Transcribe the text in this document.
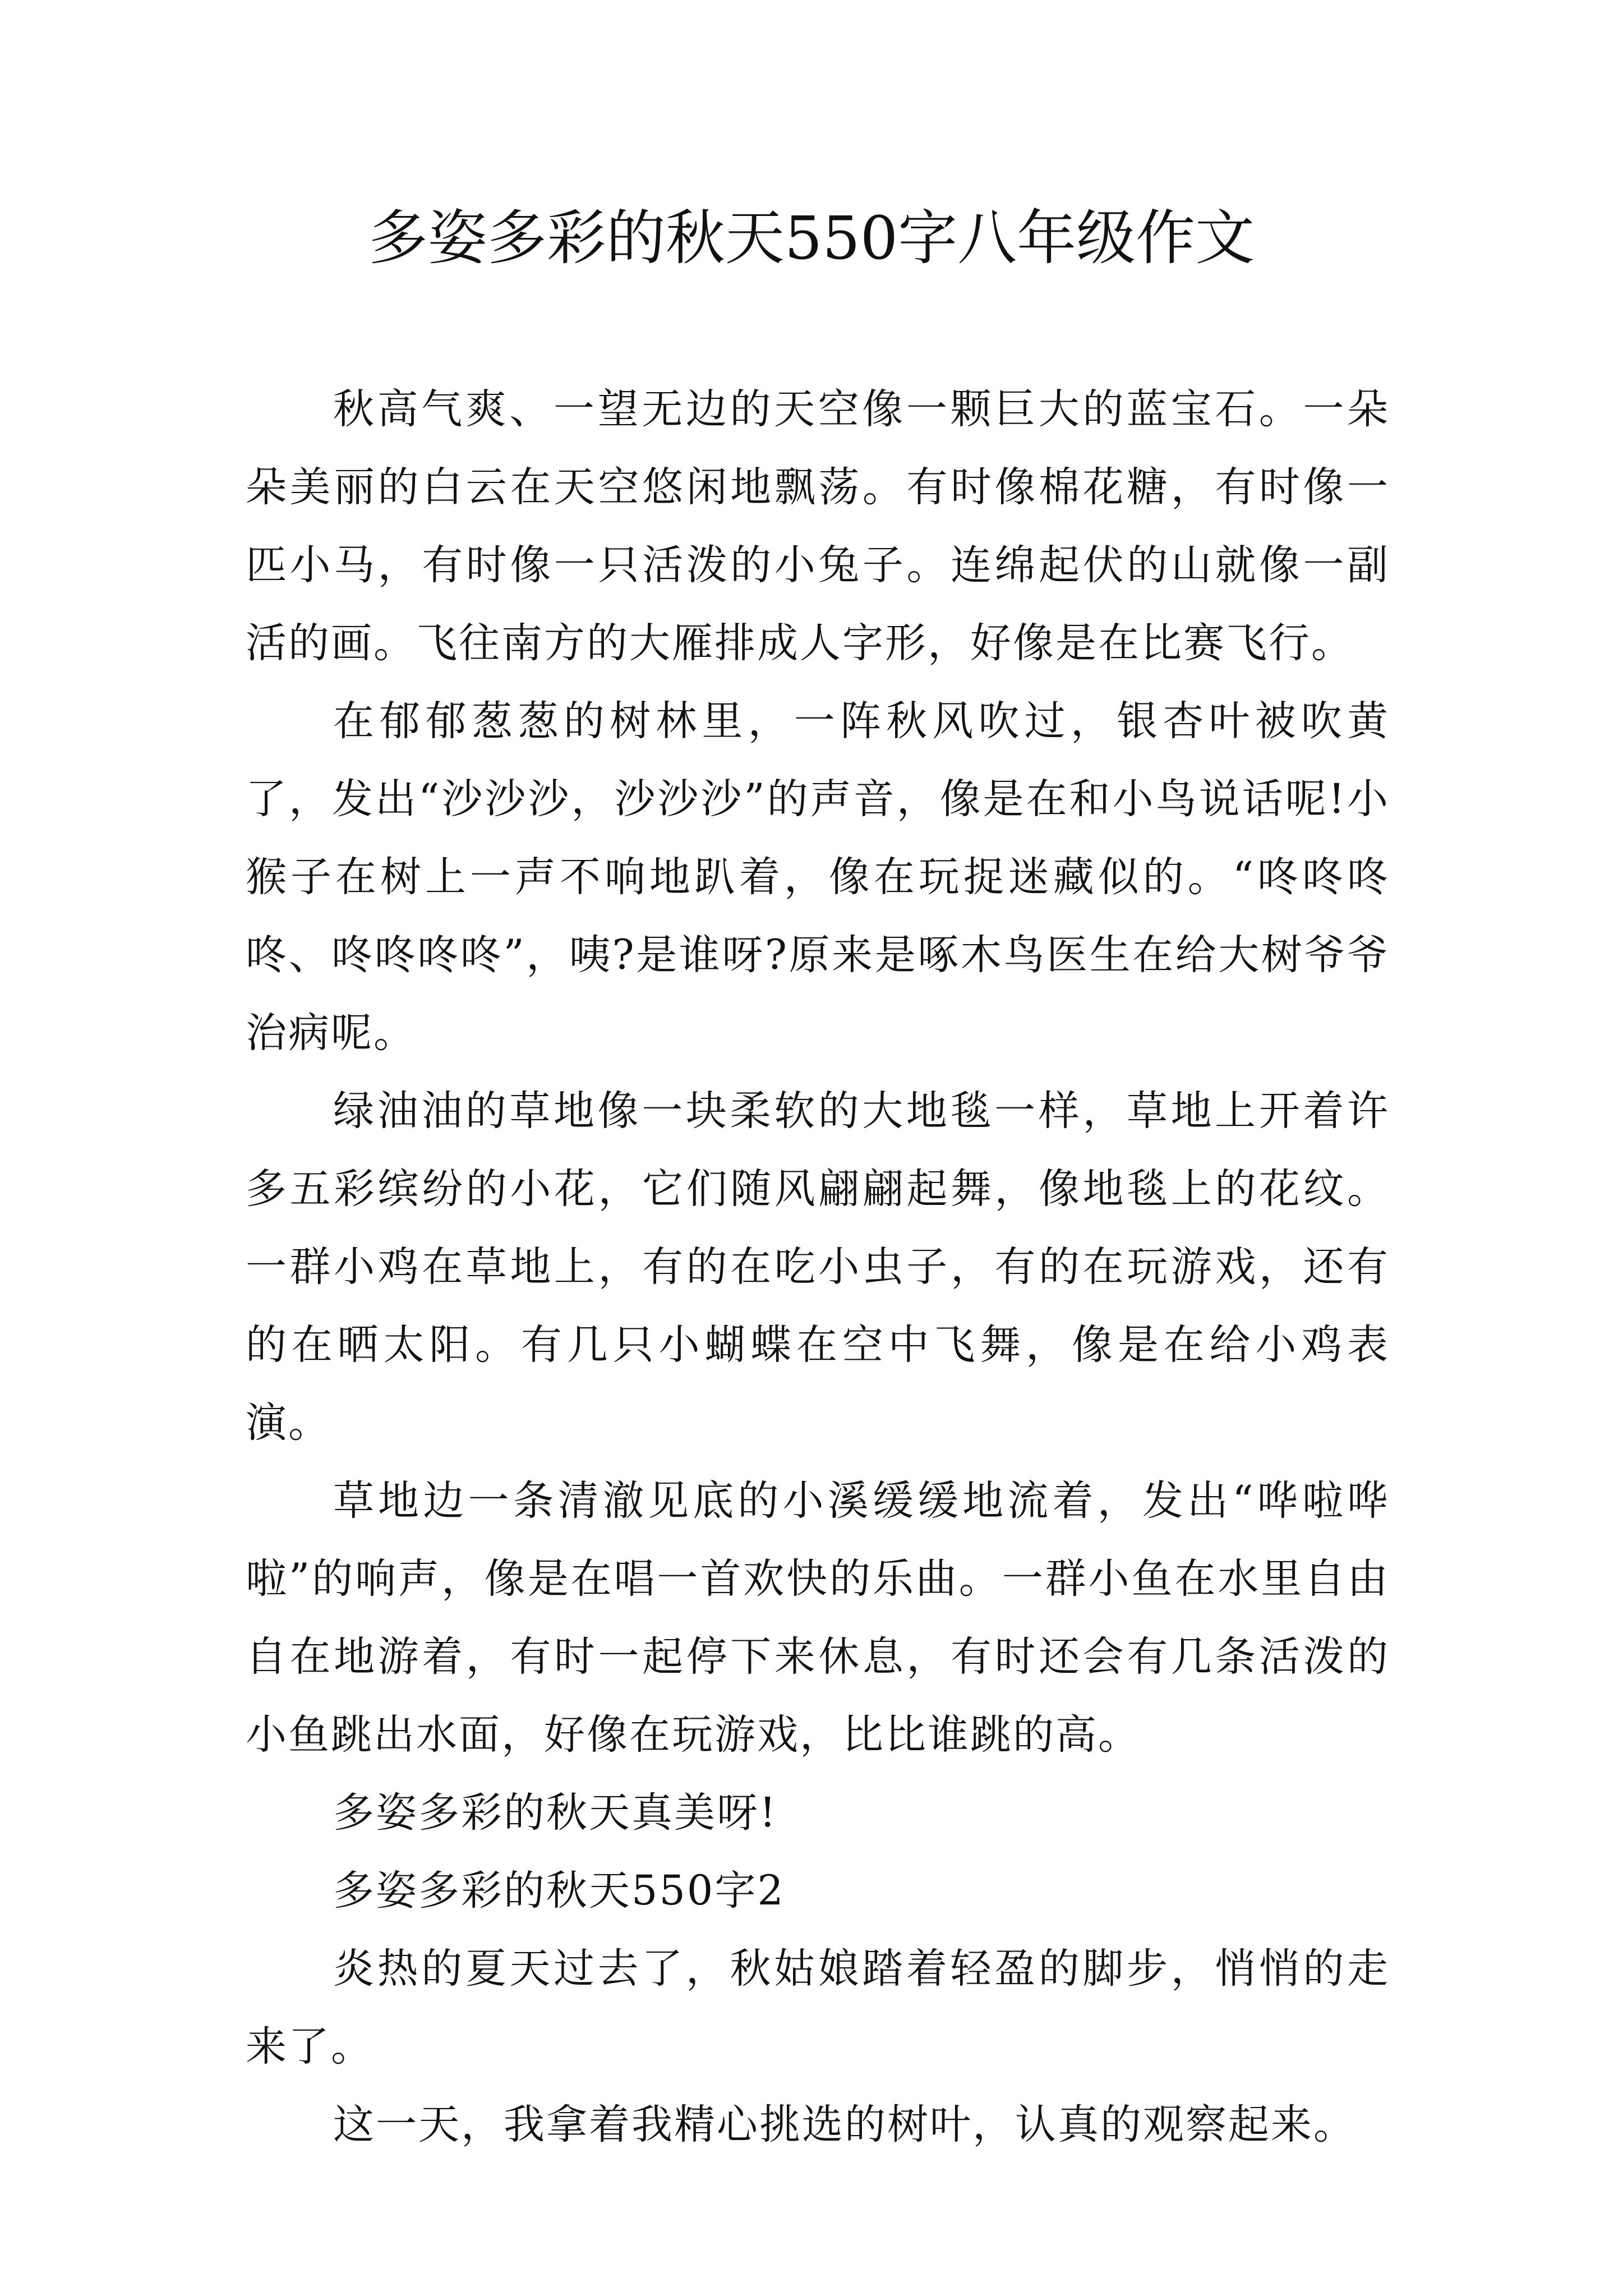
多姿多彩的秋天550字八年级作文

秋高气爽、一望无边的天空像一颗巨大的蓝宝石。一朵朵美丽的白云在天空悠闲地飘荡。有时像棉花糖，有时像一匹小马，有时像一只活泼的小兔子。连绵起伏的山就像一副活的画。飞往南方的大雁排成人字形，好像是在比赛飞行。

在郁郁葱葱的树林里，一阵秋风吹过，银杏叶被吹黄了，发出“沙沙沙，沙沙沙”的声音，像是在和小鸟说话呢!小猴子在树上一声不响地趴着，像在玩捉迷藏似的。“咚咚咚咚、咚咚咚咚”，咦?是谁呀?原来是啄木鸟医生在给大树爷爷治病呢。

绿油油的草地像一块柔软的大地毯一样，草地上开着许多五彩缤纷的小花，它们随风翩翩起舞，像地毯上的花纹。一群小鸡在草地上，有的在吃小虫子，有的在玩游戏，还有的在晒太阳。有几只小蝴蝶在空中飞舞，像是在给小鸡表演。

草地边一条清澈见底的小溪缓缓地流着，发出“哗啦哗啦”的响声，像是在唱一首欢快的乐曲。一群小鱼在水里自由自在地游着，有时一起停下来休息，有时还会有几条活泼的小鱼跳出水面，好像在玩游戏，比比谁跳的高。

多姿多彩的秋天真美呀!

多姿多彩的秋天550字2

炎热的夏天过去了，秋姑娘踏着轻盈的脚步，悄悄的走来了。

这一天，我拿着我精心挑选的树叶，认真的观察起来。
